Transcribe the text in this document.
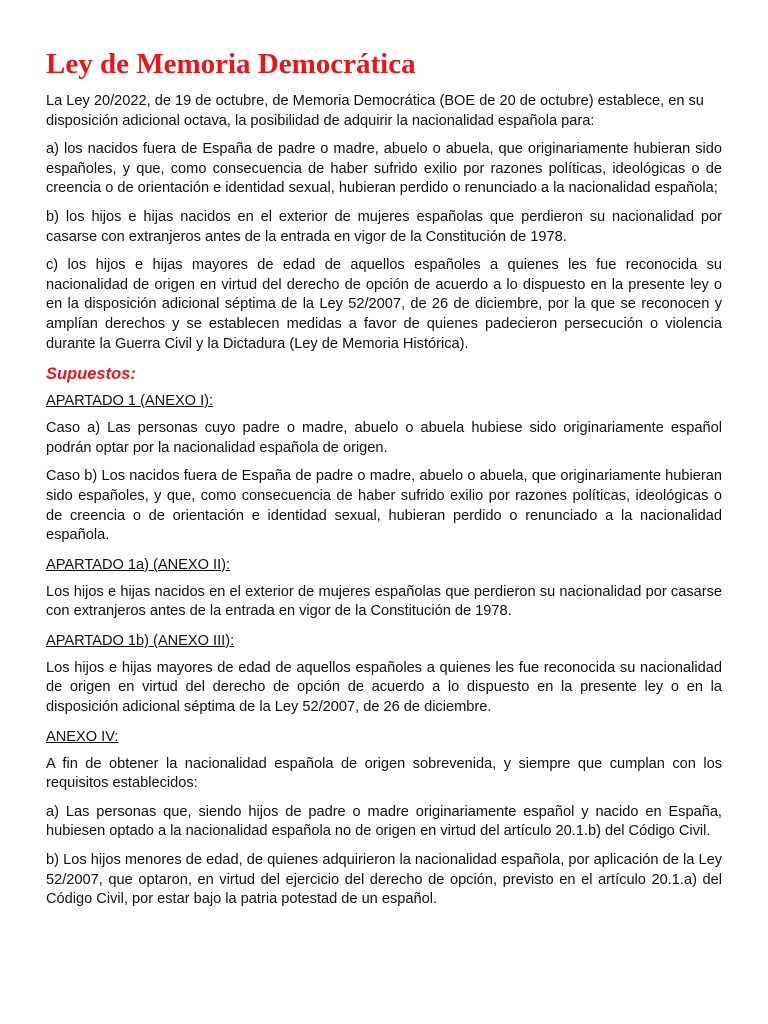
Ley de Memoria Democrática

La Ley 20/2022, de 19 de octubre, de Memoria Democrática (BOE de 20 de octubre) establece, en su disposición adicional octava, la posibilidad de adquirir la nacionalidad española para:

a) los nacidos fuera de España de padre o madre, abuelo o abuela, que originariamente hubieran sido españoles, y que, como consecuencia de haber sufrido exilio por razones políticas, ideológicas o de creencia o de orientación e identidad sexual, hubieran perdido o renunciado a la nacionalidad española;

b) los hijos e hijas nacidos en el exterior de mujeres españolas que perdieron su nacionalidad por casarse con extranjeros antes de la entrada en vigor de la Constitución de 1978.

c) los hijos e hijas mayores de edad de aquellos españoles a quienes les fue reconocida su nacionalidad de origen en virtud del derecho de opción de acuerdo a lo dispuesto en la presente ley o en la disposición adicional séptima de la Ley 52/2007, de 26 de diciembre, por la que se reconocen y amplían derechos y se establecen medidas a favor de quienes padecieron persecución o violencia durante la Guerra Civil y la Dictadura (Ley de Memoria Histórica).

Supuestos:
APARTADO 1 (ANEXO I):

Caso a) Las personas cuyo padre o madre, abuelo o abuela hubiese sido originariamente español podrán optar por la nacionalidad española de origen.

Caso b) Los nacidos fuera de España de padre o madre, abuelo o abuela, que originariamente hubieran sido españoles, y que, como consecuencia de haber sufrido exilio por razones políticas, ideológicas o de creencia o de orientación e identidad sexual, hubieran perdido o renunciado a la nacionalidad española.

APARTADO 1a) (ANEXO II):

Los hijos e hijas nacidos en el exterior de mujeres españolas que perdieron su nacionalidad por casarse con extranjeros antes de la entrada en vigor de la Constitución de 1978.

APARTADO 1b) (ANEXO III):

Los hijos e hijas mayores de edad de aquellos españoles a quienes les fue reconocida su nacionalidad de origen en virtud del derecho de opción de acuerdo a lo dispuesto en la presente ley o en la disposición adicional séptima de la Ley 52/2007, de 26 de diciembre.

ANEXO IV:

A fin de obtener la nacionalidad española de origen sobrevenida, y siempre que cumplan con los requisitos establecidos:

a) Las personas que, siendo hijos de padre o madre originariamente español y nacido en España, hubiesen optado a la nacionalidad española no de origen en virtud del artículo 20.1.b) del Código Civil.

b) Los hijos menores de edad, de quienes adquirieron la nacionalidad española, por aplicación de la Ley 52/2007, que optaron, en virtud del ejercicio del derecho de opción, previsto en el artículo 20.1.a) del Código Civil, por estar bajo la patria potestad de un español.
